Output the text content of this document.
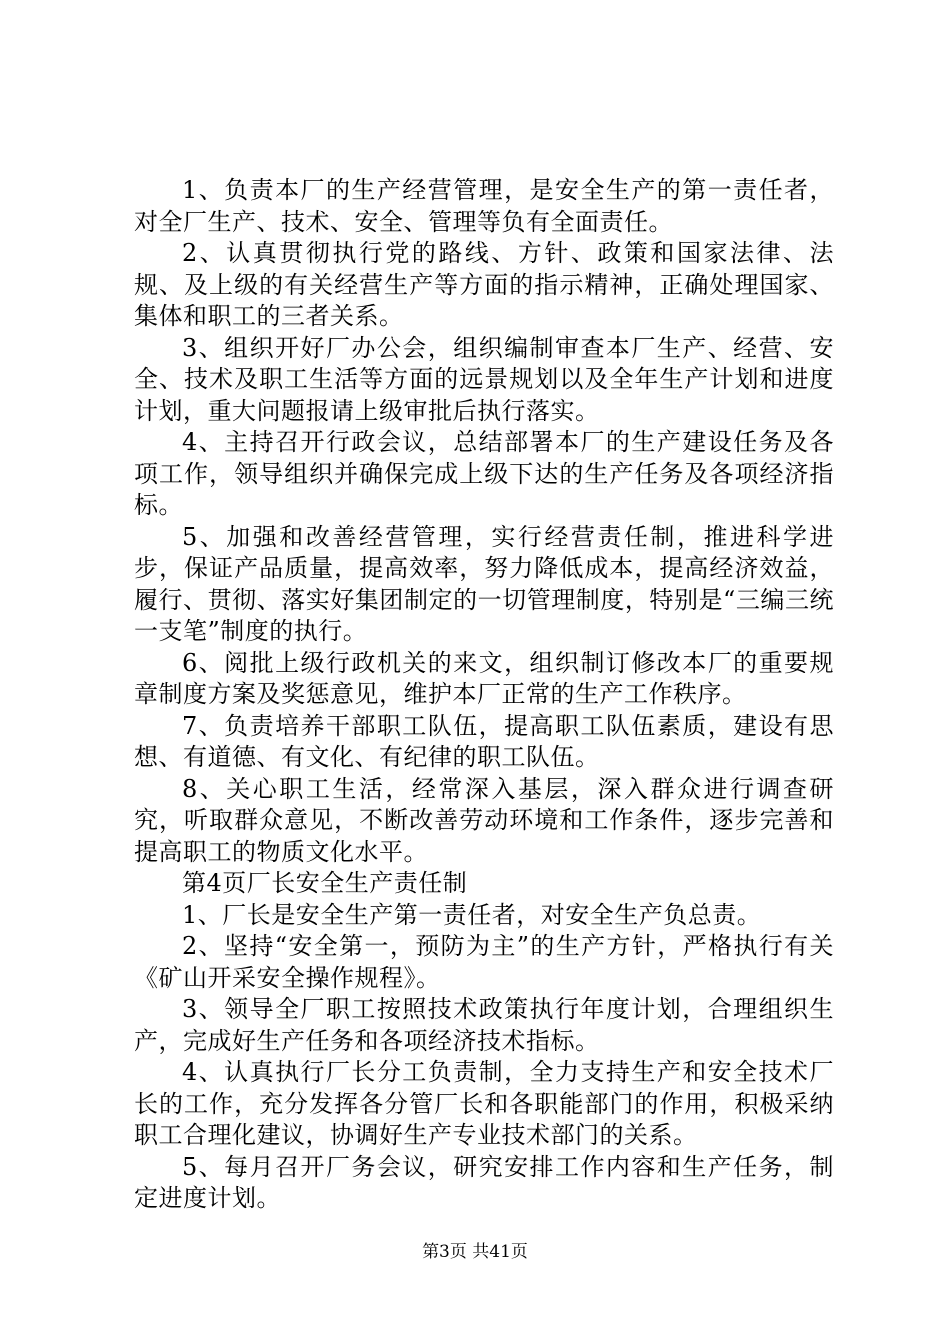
1、负责本厂的生产经营管理，是安全生产的第一责任者，对全厂生产、技术、安全、管理等负有全面责任。

2、认真贯彻执行党的路线、方针、政策和国家法律、法规、及上级的有关经营生产等方面的指示精神，正确处理国家、集体和职工的三者关系。

3、组织开好厂办公会，组织编制审查本厂生产、经营、安全、技术及职工生活等方面的远景规划以及全年生产计划和进度计划，重大问题报请上级审批后执行落实。

4、主持召开行政会议，总结部署本厂的生产建设任务及各项工作，领导组织并确保完成上级下达的生产任务及各项经济指标。

5、加强和改善经营管理，实行经营责任制，推进科学进步，保证产品质量，提高效率，努力降低成本，提高经济效益，履行、贯彻、落实好集团制定的一切管理制度，特别是“三编三统一支笔”制度的执行。

6、阅批上级行政机关的来文，组织制订修改本厂的重要规章制度方案及奖惩意见，维护本厂正常的生产工作秩序。

7、负责培养干部职工队伍，提高职工队伍素质，建设有思想、有道德、有文化、有纪律的职工队伍。

8、关心职工生活，经常深入基层，深入群众进行调查研究，听取群众意见，不断改善劳动环境和工作条件，逐步完善和提高职工的物质文化水平。

第4页厂长安全生产责任制

1、厂长是安全生产第一责任者，对安全生产负总责。

2、坚持“安全第一，预防为主”的生产方针，严格执行有关《矿山开采安全操作规程》。

3、领导全厂职工按照技术政策执行年度计划，合理组织生产，完成好生产任务和各项经济技术指标。

4、认真执行厂长分工负责制，全力支持生产和安全技术厂长的工作，充分发挥各分管厂长和各职能部门的作用，积极采纳职工合理化建议，协调好生产专业技术部门的关系。

5、每月召开厂务会议，研究安排工作内容和生产任务，制定进度计划。

第3页 共41页
